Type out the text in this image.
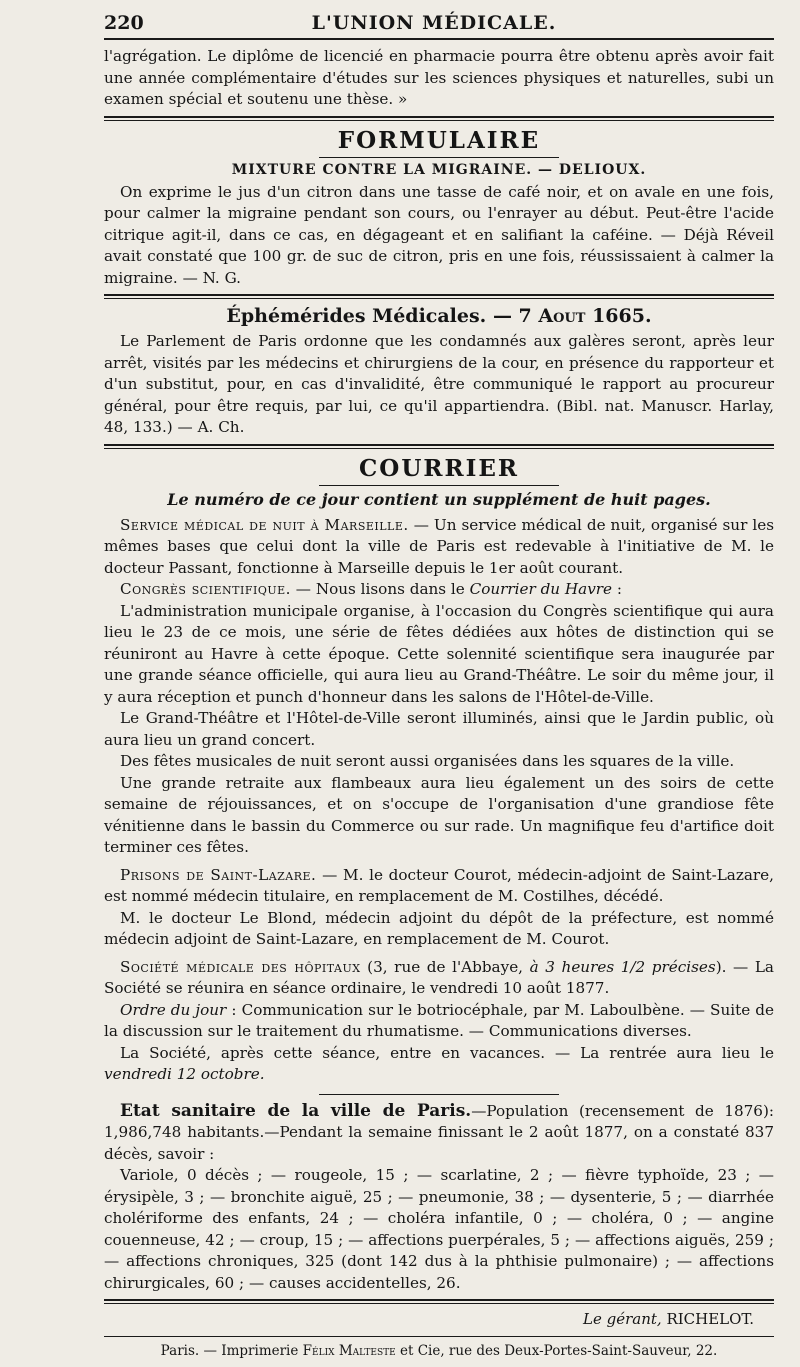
220	L'UNION MÉDICALE.

l'agrégation. Le diplôme de licencié en pharmacie pourra être obtenu après avoir fait une année complémentaire d'études sur les sciences physiques et naturelles, subi un examen spécial et soutenu une thèse. »

FORMULAIRE
MIXTURE CONTRE LA MIGRAINE. — DELIOUX.

On exprime le jus d'un citron dans une tasse de café noir, et on avale en une fois, pour calmer la migraine pendant son cours, ou l'enrayer au début. Peut-être l'acide citrique agit-il, dans ce cas, en dégageant et en salifiant la caféine. — Déjà Réveil avait constaté que 100 gr. de suc de citron, pris en une fois, réussissaient à calmer la migraine. — N. G.

Éphémérides Médicales. — 7 Aout 1665.

Le Parlement de Paris ordonne que les condamnés aux galères seront, après leur arrêt, visités par les médecins et chirurgiens de la cour, en présence du rapporteur et d'un substitut, pour, en cas d'invalidité, être communiqué le rapport au procureur général, pour être requis, par lui, ce qu'il appartiendra. (Bibl. nat. Manuscr. Harlay, 48, 133.) — A. Ch.

COURRIER
Le numéro de ce jour contient un supplément de huit pages.

Service médical de nuit à Marseille. — Un service médical de nuit, organisé sur les mêmes bases que celui dont la ville de Paris est redevable à l'initiative de M. le docteur Passant, fonctionne à Marseille depuis le 1er août courant.

Congrès scientifique. — Nous lisons dans le Courrier du Havre :

L'administration municipale organise, à l'occasion du Congrès scientifique qui aura lieu le 23 de ce mois, une série de fêtes dédiées aux hôtes de distinction qui se réuniront au Havre à cette époque. Cette solennité scientifique sera inaugurée par une grande séance officielle, qui aura lieu au Grand-Théâtre. Le soir du même jour, il y aura réception et punch d'honneur dans les salons de l'Hôtel-de-Ville.

Le Grand-Théâtre et l'Hôtel-de-Ville seront illuminés, ainsi que le Jardin public, où aura lieu un grand concert.

Des fêtes musicales de nuit seront aussi organisées dans les squares de la ville.

Une grande retraite aux flambeaux aura lieu également un des soirs de cette semaine de réjouissances, et on s'occupe de l'organisation d'une grandiose fête vénitienne dans le bassin du Commerce ou sur rade. Un magnifique feu d'artifice doit terminer ces fêtes.

Prisons de Saint-Lazare. — M. le docteur Courot, médecin-adjoint de Saint-Lazare, est nommé médecin titulaire, en remplacement de M. Costilhes, décédé.

M. le docteur Le Blond, médecin adjoint du dépôt de la préfecture, est nommé médecin adjoint de Saint-Lazare, en remplacement de M. Courot.

Société médicale des hôpitaux (3, rue de l'Abbaye, à 3 heures 1/2 précises). — La Société se réunira en séance ordinaire, le vendredi 10 août 1877.

Ordre du jour : Communication sur le botriocéphale, par M. Laboulbène. — Suite de la discussion sur le traitement du rhumatisme. — Communications diverses.

La Société, après cette séance, entre en vacances. — La rentrée aura lieu le vendredi 12 octobre.

Etat sanitaire de la ville de Paris.—Population (recensement de 1876): 1,986,748 habitants.—Pendant la semaine finissant le 2 août 1877, on a constaté 837 décès, savoir :

Variole, 0 décès ; — rougeole, 15 ; — scarlatine, 2 ; — fièvre typhoïde, 23 ; — érysipèle, 3 ; — bronchite aiguë, 25 ; — pneumonie, 38 ; — dysenterie, 5 ; — diarrhée cholériforme des enfants, 24 ; — choléra infantile, 0 ; — choléra, 0 ; — angine couenneuse, 42 ; — croup, 15 ; — affections puerpérales, 5 ; — affections aiguës, 259 ; — affections chroniques, 325 (dont 142 dus à la phthisie pulmonaire) ; — affections chirurgicales, 60 ; — causes accidentelles, 26.

Le gérant, RICHELOT.
Paris. — Imprimerie Félix Malteste et Cie, rue des Deux-Portes-Saint-Sauveur, 22.
